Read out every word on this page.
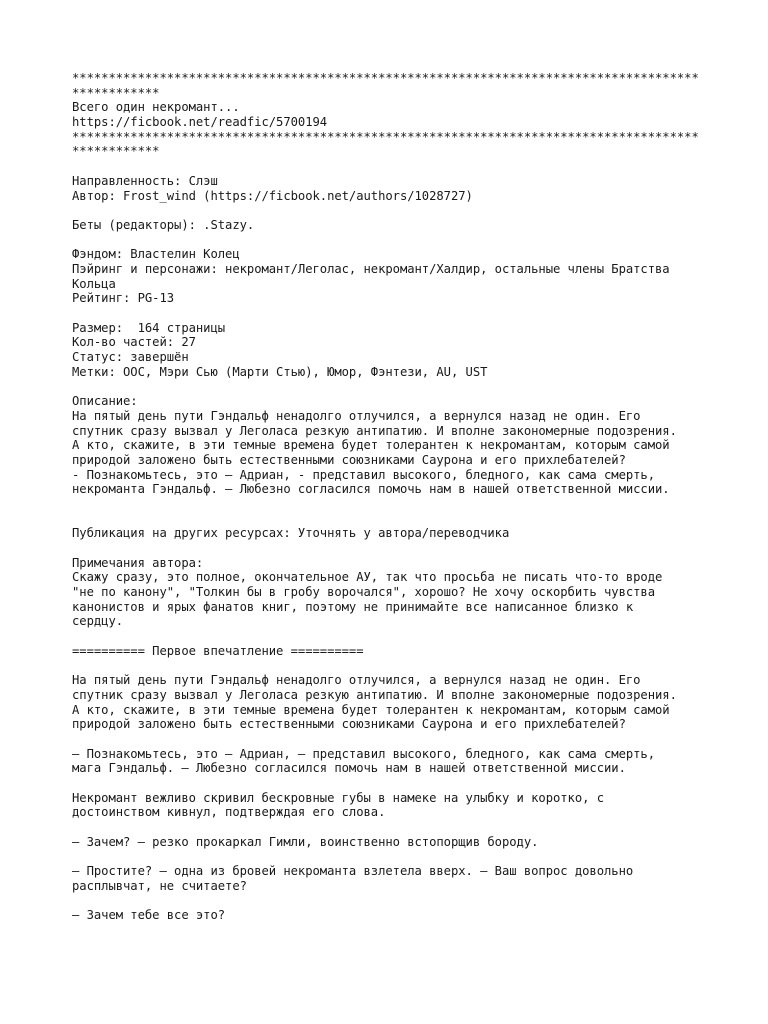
**************************************************************************************
************
Всего один некромант...
https://ficbook.net/readfic/5700194
**************************************************************************************
************
Направленность: Слэш
Автор: Frost_wind (https://ficbook.net/authors/1028727)
Беты (редакторы): .Stazy.
Фэндом: Властелин Колец
Пэйринг и персонажи: некромант/Леголас, некромант/Халдир, остальные члены Братства
Кольца
Рейтинг: PG-13
Размер:  164 страницы
Кол-во частей: 27
Статус: завершён
Метки: ООС, Мэри Сью (Марти Стью), Юмор, Фэнтези, AU, UST
Описание:
На пятый день пути Гэндальф ненадолго отлучился, а вернулся назад не один. Его
спутник сразу вызвал у Леголаса резкую антипатию. И вполне закономерные подозрения.
А кто, скажите, в эти темные времена будет толерантен к некромантам, которым самой
природой заложено быть естественными союзниками Саурона и его прихлебателей?
- Познакомьтесь, это – Адриан, - представил высокого, бледного, как сама смерть,
некроманта Гэндальф. – Любезно согласился помочь нам в нашей ответственной миссии.
Публикация на других ресурсах: Уточнять у автора/переводчика
Примечания автора:
Скажу сразу, это полное, окончательное АУ, так что просьба не писать что-то вроде
"не по канону", "Толкин бы в гробу ворочался", хорошо? Не хочу оскорбить чувства
канонистов и ярых фанатов книг, поэтому не принимайте все написанное близко к
сердцу.
========== Первое впечатление ==========
На пятый день пути Гэндальф ненадолго отлучился, а вернулся назад не один. Его
спутник сразу вызвал у Леголаса резкую антипатию. И вполне закономерные подозрения.
А кто, скажите, в эти темные времена будет толерантен к некромантам, которым самой
природой заложено быть естественными союзниками Саурона и его прихлебателей?
— Познакомьтесь, это — Адриан, — представил высокого, бледного, как сама смерть,
мага Гэндальф. — Любезно согласился помочь нам в нашей ответственной миссии.
Некромант вежливо скривил бескровные губы в намеке на улыбку и коротко, с
достоинством кивнул, подтверждая его слова.
— Зачем? — резко прокаркал Гимли, воинственно встопорщив бороду.
— Простите? — одна из бровей некроманта взлетела вверх. — Ваш вопрос довольно
расплывчат, не считаете?
— Зачем тебе все это?
